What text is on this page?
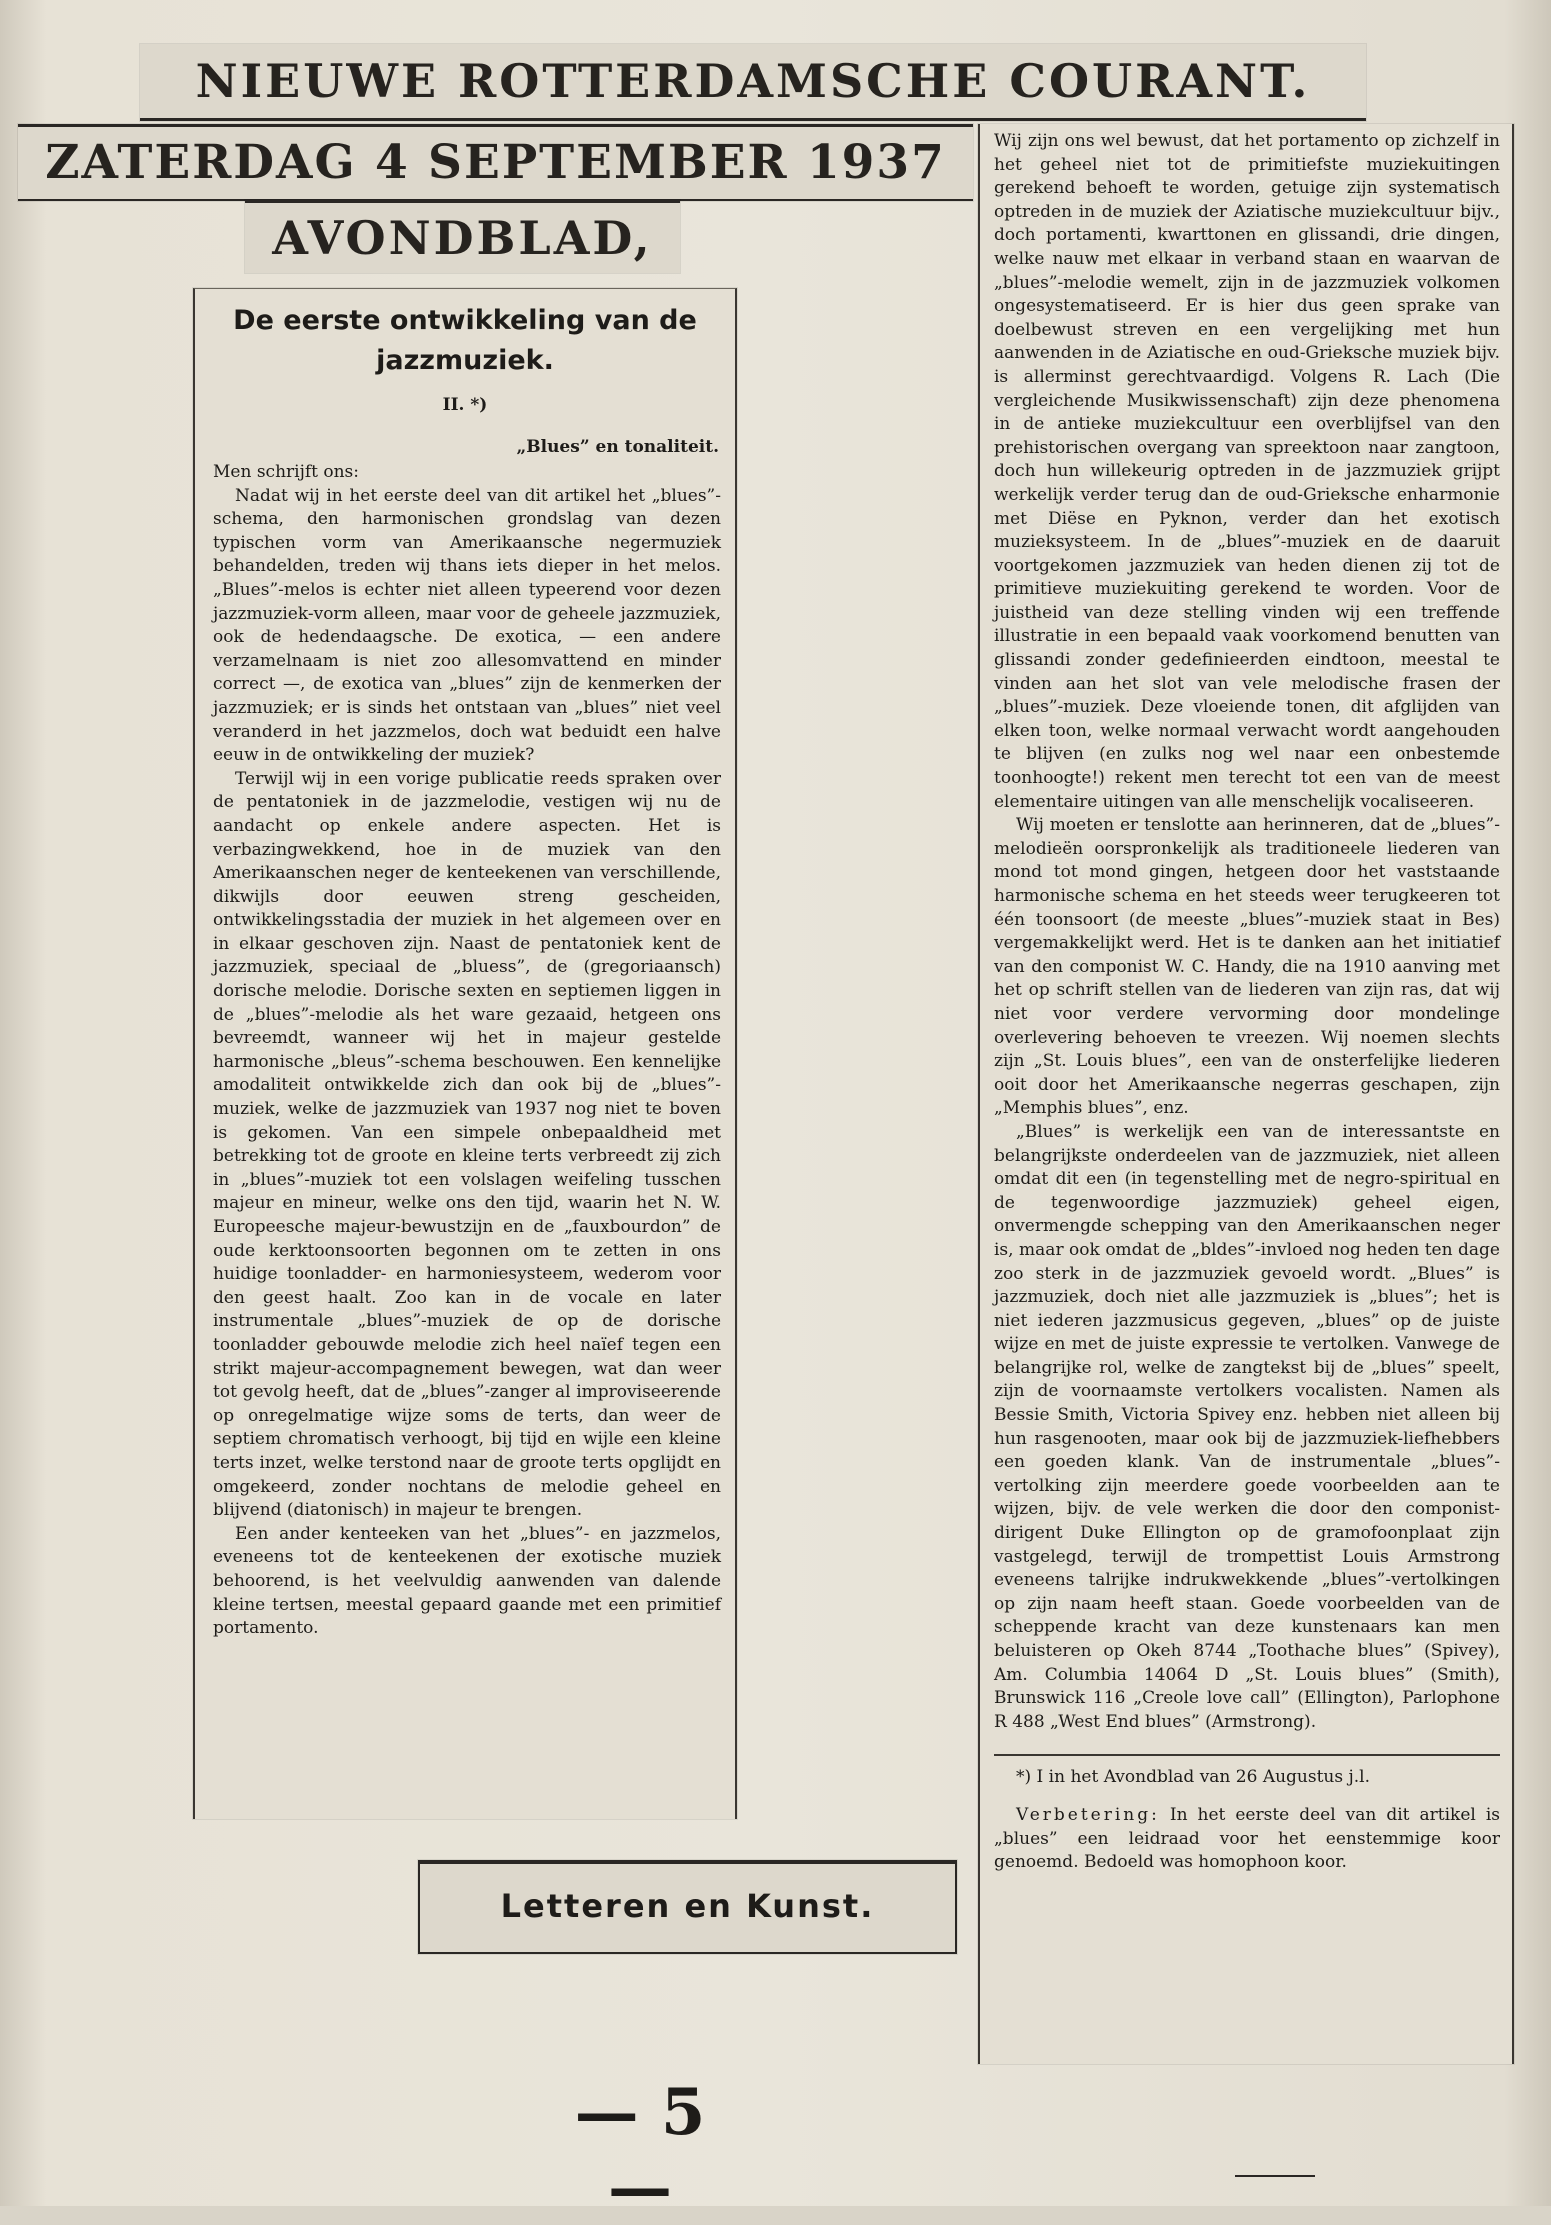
NIEUWE ROTTERDAMSCHE COURANT.
ZATERDAG 4 SEPTEMBER 1937
AVONDBLAD,
De eerste ontwikkeling van de jazzmuziek.
II. *)
„Blues” en tonaliteit.

Men schrijft ons:

Nadat wij in het eerste deel van dit artikel het „blues”-schema, den harmonischen grondslag van dezen typischen vorm van Amerikaansche negermuziek behandelden, treden wij thans iets dieper in het melos. „Blues”-melos is echter niet alleen typeerend voor dezen jazzmuziek-vorm alleen, maar voor de geheele jazzmuziek, ook de hedendaagsche. De exotica, — een andere verzamelnaam is niet zoo allesomvattend en minder correct —, de exotica van „blues” zijn de kenmerken der jazzmuziek; er is sinds het ontstaan van „blues” niet veel veranderd in het jazzmelos, doch wat beduidt een halve eeuw in de ontwikkeling der muziek?

Terwijl wij in een vorige publicatie reeds spraken over de pentatoniek in de jazzmelodie, vestigen wij nu de aandacht op enkele andere aspecten. Het is verbazingwekkend, hoe in de muziek van den Amerikaanschen neger de kenteekenen van verschillende, dikwijls door eeuwen streng gescheiden, ontwikkelingsstadia der muziek in het algemeen over en in elkaar geschoven zijn. Naast de pentatoniek kent de jazzmuziek, speciaal de „bluess”, de (gregoriaansch) dorische melodie. Dorische sexten en septiemen liggen in de „blues”-melodie als het ware gezaaid, hetgeen ons bevreemdt, wanneer wij het in majeur gestelde harmonische „bleus”-schema beschouwen. Een kennelijke amodaliteit ontwikkelde zich dan ook bij de „blues”-muziek, welke de jazzmuziek van 1937 nog niet te boven is gekomen. Van een simpele onbepaaldheid met betrekking tot de groote en kleine terts verbreedt zij zich in „blues”-muziek tot een volslagen weifeling tusschen majeur en mineur, welke ons den tijd, waarin het N. W. Europeesche majeur-bewustzijn en de „fauxbourdon” de oude kerktoonsoorten begonnen om te zetten in ons huidige toonladder- en harmoniesysteem, wederom voor den geest haalt. Zoo kan in de vocale en later instrumentale „blues”-muziek de op de dorische toonladder gebouwde melodie zich heel naïef tegen een strikt majeur-accompagnement bewegen, wat dan weer tot gevolg heeft, dat de „blues”-zanger al improviseerende op onregelmatige wijze soms de terts, dan weer de septiem chromatisch verhoogt, bij tijd en wijle een kleine terts inzet, welke terstond naar de groote terts opglijdt en omgekeerd, zonder nochtans de melodie geheel en blijvend (diatonisch) in majeur te brengen.

Een ander kenteeken van het „blues”- en jazzmelos, eveneens tot de kenteekenen der exotische muziek behoorend, is het veelvuldig aanwenden van dalende kleine tertsen, meestal gepaard gaande met een primitief portamento.

Wij zijn ons wel bewust, dat het portamento op zichzelf in het geheel niet tot de primitiefste muziekuitingen gerekend behoeft te worden, getuige zijn systematisch optreden in de muziek der Aziatische muziekcultuur bijv., doch portamenti, kwarttonen en glissandi, drie dingen, welke nauw met elkaar in verband staan en waarvan de „blues”-melodie wemelt, zijn in de jazzmuziek volkomen ongesystematiseerd. Er is hier dus geen sprake van doelbewust streven en een vergelijking met hun aanwenden in de Aziatische en oud-Grieksche muziek bijv. is allerminst gerechtvaardigd. Volgens R. Lach (Die vergleichende Musikwissenschaft) zijn deze phenomena in de antieke muziekcultuur een overblijfsel van den prehistorischen overgang van spreektoon naar zangtoon, doch hun willekeurig optreden in de jazzmuziek grijpt werkelijk verder terug dan de oud-Grieksche enharmonie met Diëse en Pyknon, verder dan het exotisch muzieksysteem. In de „blues”-muziek en de daaruit voortgekomen jazzmuziek van heden dienen zij tot de primitieve muziekuiting gerekend te worden. Voor de juistheid van deze stelling vinden wij een treffende illustratie in een bepaald vaak voorkomend benutten van glissandi zonder gedefinieerden eindtoon, meestal te vinden aan het slot van vele melodische frasen der „blues”-muziek. Deze vloeiende tonen, dit afglijden van elken toon, welke normaal verwacht wordt aangehouden te blijven (en zulks nog wel naar een onbestemde toonhoogte!) rekent men terecht tot een van de meest elementaire uitingen van alle menschelijk vocaliseeren.

Wij moeten er tenslotte aan herinneren, dat de „blues”-melodieën oorspronkelijk als traditioneele liederen van mond tot mond gingen, hetgeen door het vaststaande harmonische schema en het steeds weer terugkeeren tot één toonsoort (de meeste „blues”-muziek staat in Bes) vergemakkelijkt werd. Het is te danken aan het initiatief van den componist W. C. Handy, die na 1910 aanving met het op schrift stellen van de liederen van zijn ras, dat wij niet voor verdere vervorming door mondelinge overlevering behoeven te vreezen. Wij noemen slechts zijn „St. Louis blues”, een van de onsterfelijke liederen ooit door het Amerikaansche negerras geschapen, zijn „Memphis blues”, enz.

„Blues” is werkelijk een van de interessantste en belangrijkste onderdeelen van de jazzmuziek, niet alleen omdat dit een (in tegenstelling met de negro-spiritual en de tegenwoordige jazzmuziek) geheel eigen, onvermengde schepping van den Amerikaanschen neger is, maar ook omdat de „bldes”-invloed nog heden ten dage zoo sterk in de jazzmuziek gevoeld wordt. „Blues” is jazzmuziek, doch niet alle jazzmuziek is „blues”; het is niet iederen jazzmusicus gegeven, „blues” op de juiste wijze en met de juiste expressie te vertolken. Vanwege de belangrijke rol, welke de zangtekst bij de „blues” speelt, zijn de voornaamste vertolkers vocalisten. Namen als Bessie Smith, Victoria Spivey enz. hebben niet alleen bij hun rasgenooten, maar ook bij de jazzmuziek-liefhebbers een goeden klank. Van de instrumentale „blues”-vertolking zijn meerdere goede voorbeelden aan te wijzen, bijv. de vele werken die door den componist-dirigent Duke Ellington op de gramofoonplaat zijn vastgelegd, terwijl de trompettist Louis Armstrong eveneens talrijke indrukwekkende „blues”-vertolkingen op zijn naam heeft staan. Goede voorbeelden van de scheppende kracht van deze kunstenaars kan men beluisteren op Okeh 8744 „Toothache blues” (Spivey), Am. Columbia 14064 D „St. Louis blues” (Smith), Brunswick 116 „Creole love call” (Ellington), Parlophone R 488 „West End blues” (Armstrong).

*) I in het Avondblad van 26 Augustus j.l.

Verbetering: In het eerste deel van dit artikel is „blues” een leidraad voor het eenstemmige koor genoemd. Bedoeld was homophoon koor.

Letteren en Kunst.
— 5 —
